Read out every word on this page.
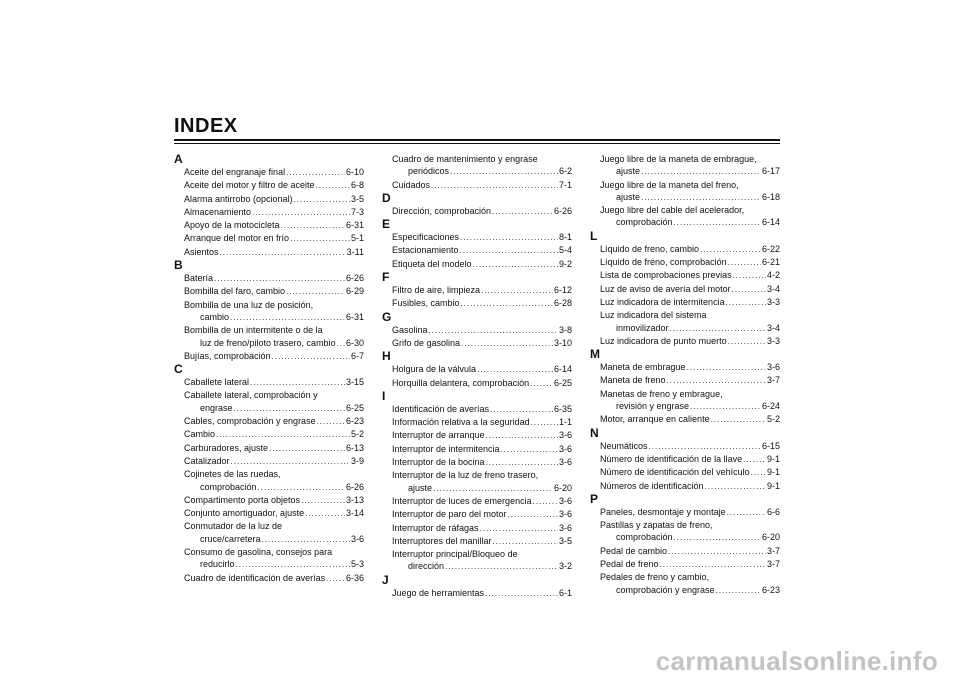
INDEX
A
Aceite del engranaje final .....	6-10
Aceite del motor y filtro de aceite .....	6-8
Alarma antirrobo (opcional) .....	3-5
Almacenamiento .....	7-3
Apoyo de la motocicleta .....	6-31
Arranque del motor en frío .....	5-1
Asientos .....	3-11
B
Batería .....	6-26
Bombilla del faro, cambio .....	6-29
Bombilla de una luz de posición,
cambio .....	6-31
Bombilla de un intermitente o de la
luz de freno/piloto trasero, cambio ..... 6-30
Bujías, comprobación .....	6-7
C
Caballete lateral .....	3-15
Caballete lateral, comprobación y
engrase .....	6-25
Cables, comprobación y engrase .....	6-23
Cambio .....	5-2
Carburadores, ajuste .....	6-13
Catalizador .....	3-9
Cojinetes de las ruedas,
comprobación .....	6-26
Compartimento porta objetos .....	3-13
Conjunto amortiguador, ajuste .....	3-14
Conmutador de la luz de
cruce/carretera .....	3-6
Consumo de gasolina, consejos para
reducirlo .....	5-3
Cuadro de identificación de averías ..... 6-36
Cuadro de mantenimiento y engrase
periódicos .....	6-2
Cuidados .....	7-1
D
Dirección, comprobación .....	6-26
E
Especificaciones .....	8-1
Estacionamiento .....	5-4
Etiqueta del modelo .....	9-2
F
Filtro de aire, limpieza .....	6-12
Fusibles, cambio .....	6-28
G
Gasolina .....	3-8
Grifo de gasolina .....	3-10
H
Holgura de la válvula .....	6-14
Horquilla delantera, comprobación .....	6-25
I
Identificación de averías .....	6-35
Información relativa a la seguridad .....	1-1
Interruptor de arranque .....	3-6
Interruptor de intermitencia .....	3-6
Interruptor de la bocina .....	3-6
Interruptor de la luz de freno trasero,
ajuste .....	6-20
Interruptor de luces de emergencia .....	3-6
Interruptor de paro del motor .....	3-6
Interruptor de ráfagas .....	3-6
Interruptores del manillar .....	3-5
Interruptor principal/Bloqueo de
dirección .....	3-2
J
Juego de herramientas .....	6-1
Juego libre de la maneta de embrague,
ajuste .....	6-17
Juego libre de la maneta del freno,
ajuste .....	6-18
Juego libre del cable del acelerador,
comprobación .....	6-14
L
Líquido de freno, cambio .....	6-22
Líquido de freno, comprobación .....	6-21
Lista de comprobaciones previas .....	4-2
Luz de aviso de avería del motor .....	3-4
Luz indicadora de intermitencia .....	3-3
Luz indicadora del sistema
inmovilizador .....	3-4
Luz indicadora de punto muerto .....	3-3
M
Maneta de embrague .....	3-6
Maneta de freno .....	3-7
Manetas de freno y embrague,
revisión y engrase .....	6-24
Motor, arranque en caliente .....	5-2
N
Neumáticos .....	6-15
Número de identificación de la llave .....	9-1
Número de identificación del vehículo ..... 9-1
Números de identificación .....	9-1
P
Paneles, desmontaje y montaje .....	6-6
Pastillas y zapatas de freno,
comprobación .....	6-20
Pedal de cambio .....	3-7
Pedal de freno .....	3-7
Pedales de freno y cambio,
comprobación y engrase .....	6-23
carmanualsonline.info
